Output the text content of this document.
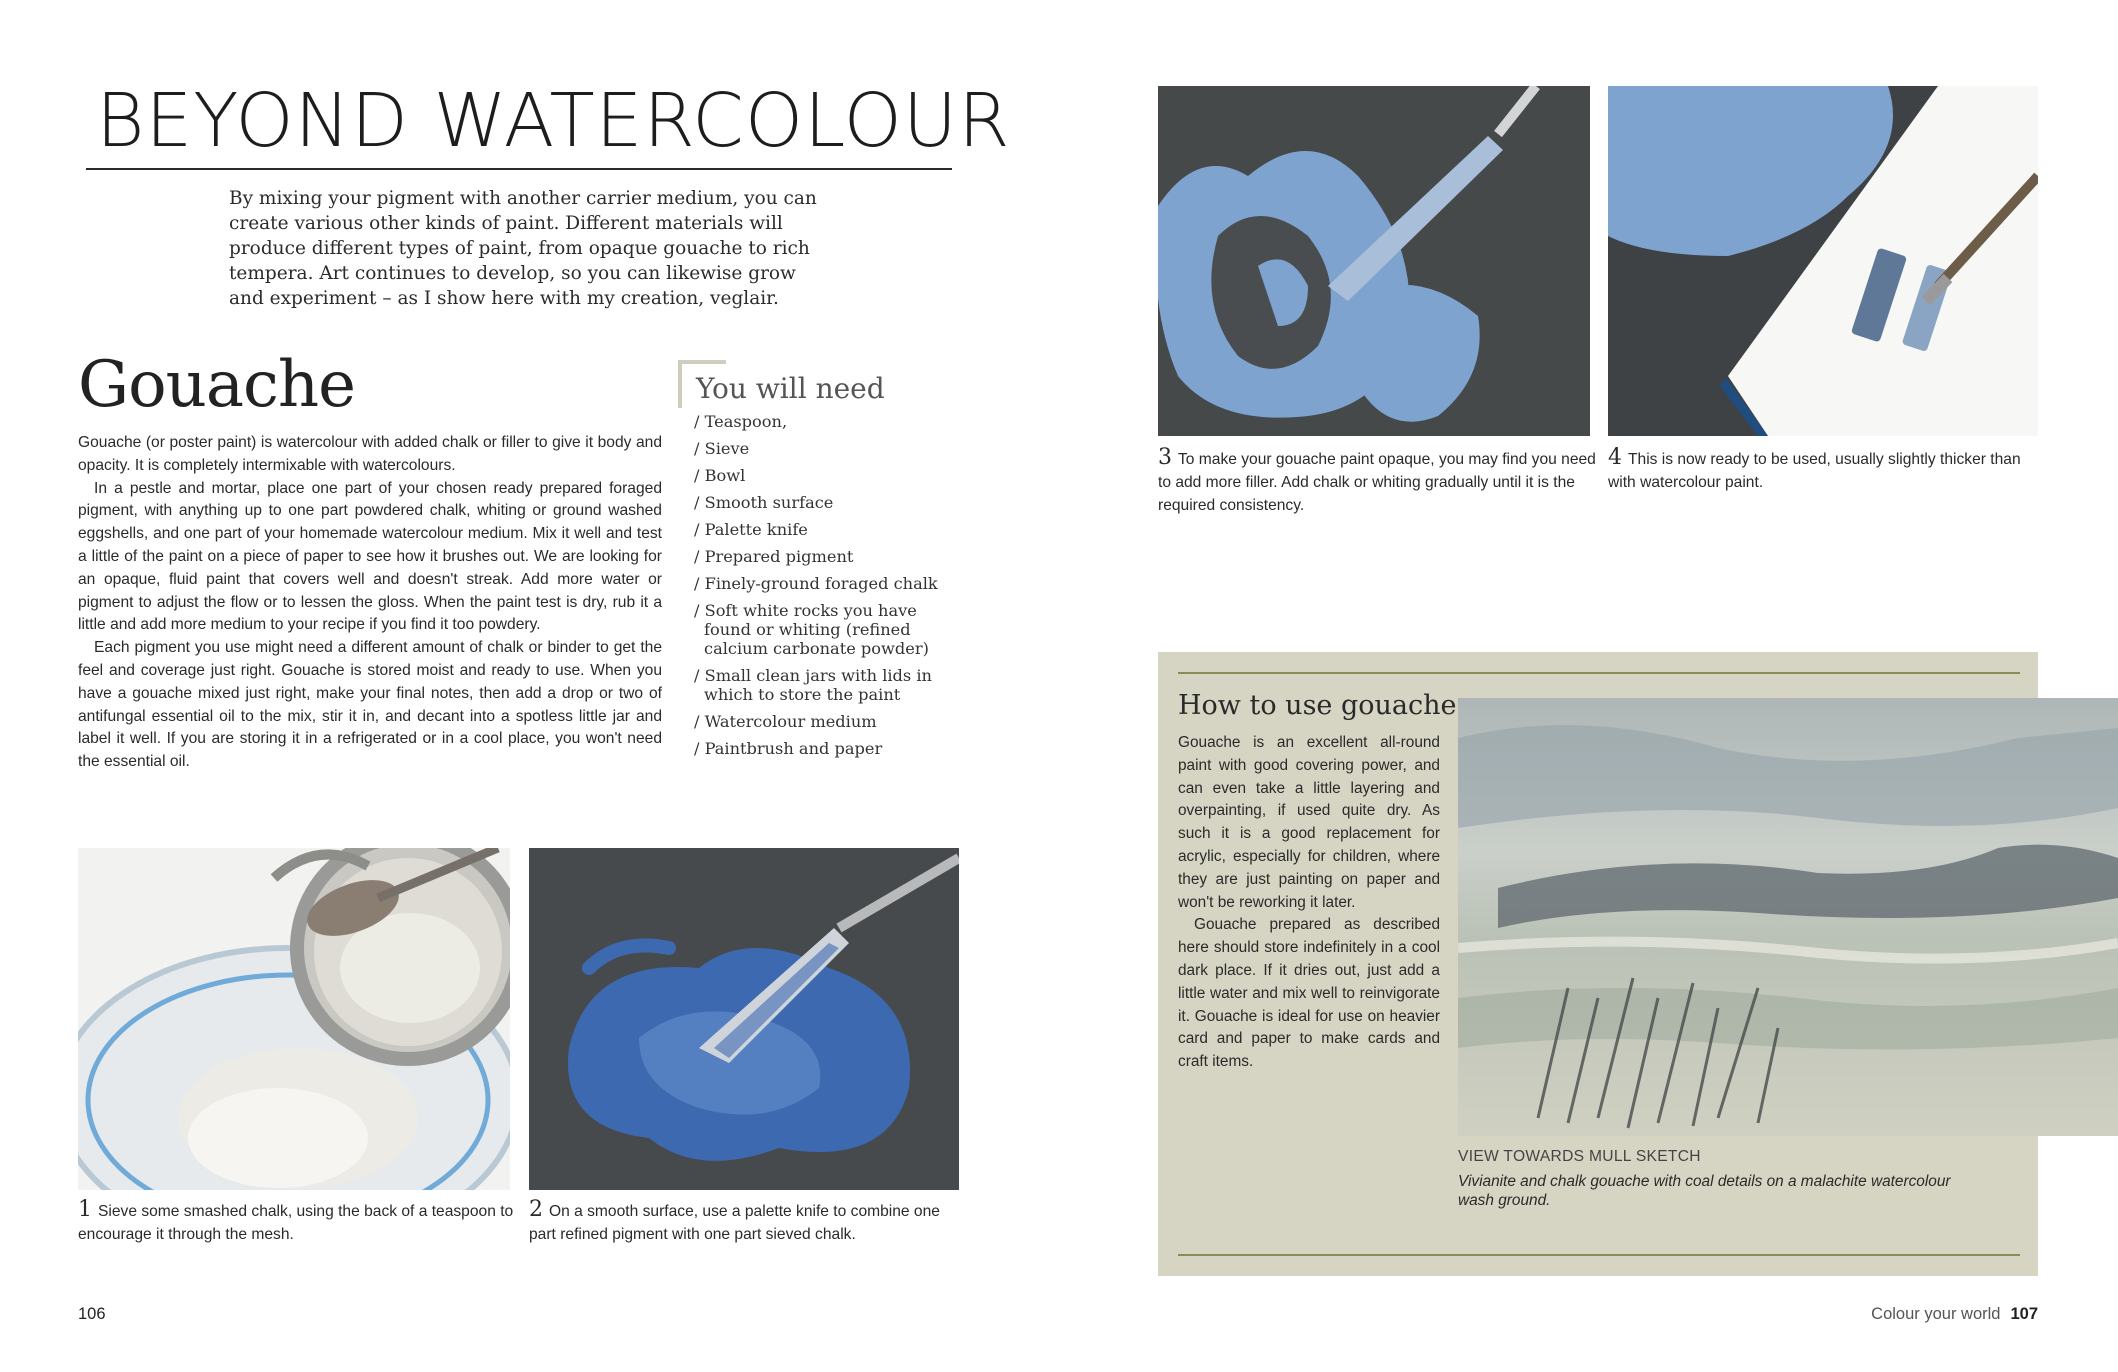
BEYOND WATERCOLOUR
By mixing your pigment with another carrier medium, you can create various other kinds of paint. Different materials will produce different types of paint, from opaque gouache to rich tempera. Art continues to develop, so you can likewise grow and experiment – as I show here with my creation, veglair.
Gouache

Gouache (or poster paint) is watercolour with added chalk or filler to give it body and opacity. It is completely intermixable with watercolours.

In a pestle and mortar, place one part of your chosen ready prepared foraged pigment, with anything up to one part powdered chalk, whiting or ground washed eggshells, and one part of your homemade watercolour medium. Mix it well and test a little of the paint on a piece of paper to see how it brushes out. We are looking for an opaque, fluid paint that covers well and doesn't streak. Add more water or pigment to adjust the flow or to lessen the gloss. When the paint test is dry, rub it a little and add more medium to your recipe if you find it too powdery.

Each pigment you use might need a different amount of chalk or binder to get the feel and coverage just right. Gouache is stored moist and ready to use. When you have a gouache mixed just right, make your final notes, then add a drop or two of antifungal essential oil to the mix, stir it in, and decant into a spotless little jar and label it well. If you are storing it in a refrigerated or in a cool place, you won't need the essential oil.

You will need
/ Teaspoon,
/ Sieve
/ Bowl
/ Smooth surface
/ Palette knife
/ Prepared pigment
/ Finely-ground foraged chalk
/ Soft white rocks you have found or whiting (refined calcium carbonate powder)
/ Small clean jars with lids in which to store the paint
/ Watercolour medium
/ Paintbrush and paper
1 Sieve some smashed chalk, using the back of a teaspoon to encourage it through the mesh.
2 On a smooth surface, use a palette knife to combine one part refined pigment with one part sieved chalk.
106
3 To make your gouache paint opaque, you may find you need to add more filler. Add chalk or whiting gradually until it is the required consistency.
4 This is now ready to be used, usually slightly thicker than with watercolour paint.
How to use gouache

Gouache is an excellent all-round paint with good covering power, and can even take a little layering and overpainting, if used quite dry. As such it is a good replacement for acrylic, especially for children, where they are just painting on paper and won't be reworking it later.

Gouache prepared as described here should store indefinitely in a cool dark place. If it dries out, just add a little water and mix well to reinvigorate it. Gouache is ideal for use on heavier card and paper to make cards and craft items.

VIEW TOWARDS MULL SKETCH
Vivianite and chalk gouache with coal details on a malachite watercolour wash ground.
Colour your world 107
